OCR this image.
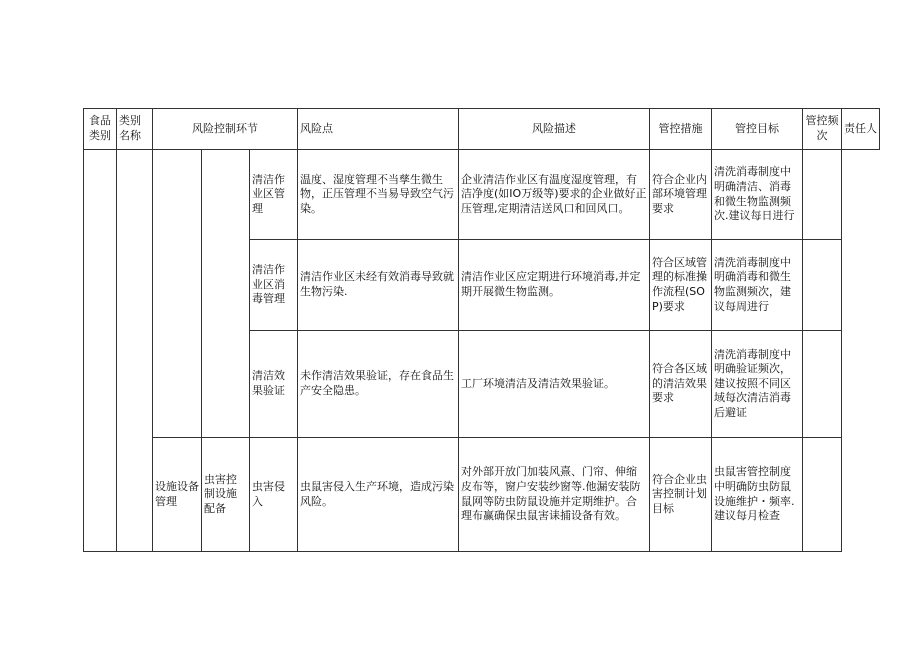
食品类别	类别名称	风险控制环节			风险点	风险描述	管控措施	管控目标	管控频次	责任人
				清洁作业区管理	温度、湿度管理不当孳生微生物，正压管理不当易导致空气污染。	企业清洁作业区有温度湿度管理，有洁净度(如IO万级等)要求的企业做好正压管理,定期清洁送风口和回风口。	符合企业内部环境管理要求	清洗消毒制度中明确清洁、消毒和微生物监测频次.建议每日进行		
				清洁作业区消毒管理	清洁作业区未经有效消毒导致就生物污染.	清洁作业区应定期进行环境消毒,并定期开展微生物监测。	符合区域管理的标准操作流程(SOP)要求	清洗消毒制度中明确消毒和微生物监测频次，建议每周进行		
				清洁效果验证	未作清洁效果验证，存在食品生产安全隐患。	工厂环境清洁及清洁效果验证。	符合各区域的清洁效果要求	清洗消毒制度中明确验证频次，建议按照不同区域每次清洁消毒后避证		
		设施设备管理	虫害控制设施配备	虫害侵入	虫鼠害侵入生产环境，造成污染风险。	对外部开放门加装风熹、门帘、伸缩皮布等，窗户安装纱窗等.他漏安装防鼠网等防虫防鼠设施并定期维护。合理布赢确保虫鼠害诔捕设备有效。	符合企业虫害控制计划目标	虫鼠害管控制度中明确防虫防鼠设施维护・频率.建议每月检查		
